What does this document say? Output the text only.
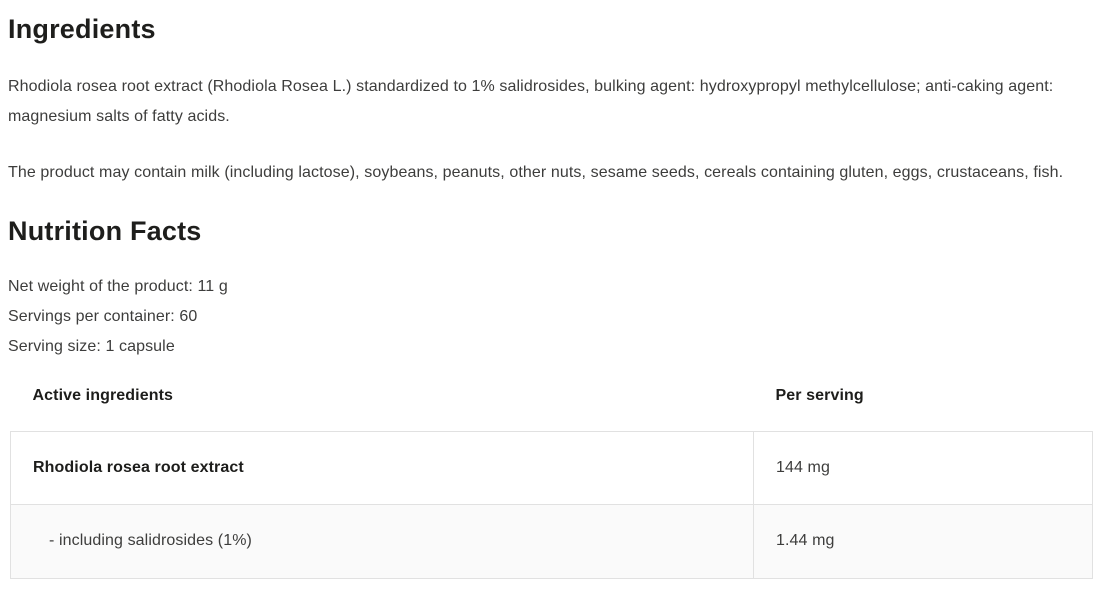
Ingredients

Rhodiola rosea root extract (Rhodiola Rosea L.) standardized to 1% salidrosides, bulking agent: hydroxypropyl methylcellulose; anti-caking agent: magnesium salts of fatty acids.

The product may contain milk (including lactose), soybeans, peanuts, other nuts, sesame seeds, cereals containing gluten, eggs, crustaceans, fish.

Nutrition Facts
Net weight of the product: 11 g
Servings per container: 60
Serving size: 1 capsule
Active ingredients	Per serving
Rhodiola rosea root extract	144 mg
- including salidrosides (1%)	1.44 mg
